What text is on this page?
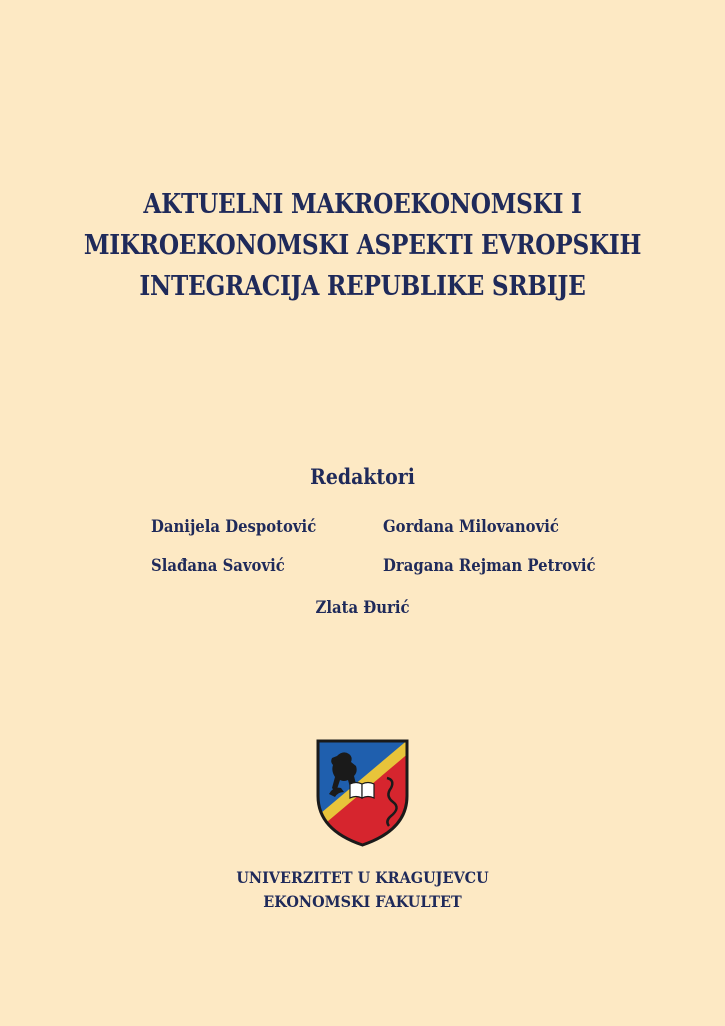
AKTUELNI MAKROEKONOMSKI I
MIKROEKONOMSKI ASPEKTI EVROPSKIH
INTEGRACIJA REPUBLIKE SRBIJE
Redaktori
Danijela Despotović	Gordana Milovanović
Slađana Savović	Dragana Rejman Petrović
Zlata Đurić
UNIVERZITET U KRAGUJEVCU
EKONOMSKI FAKULTET
